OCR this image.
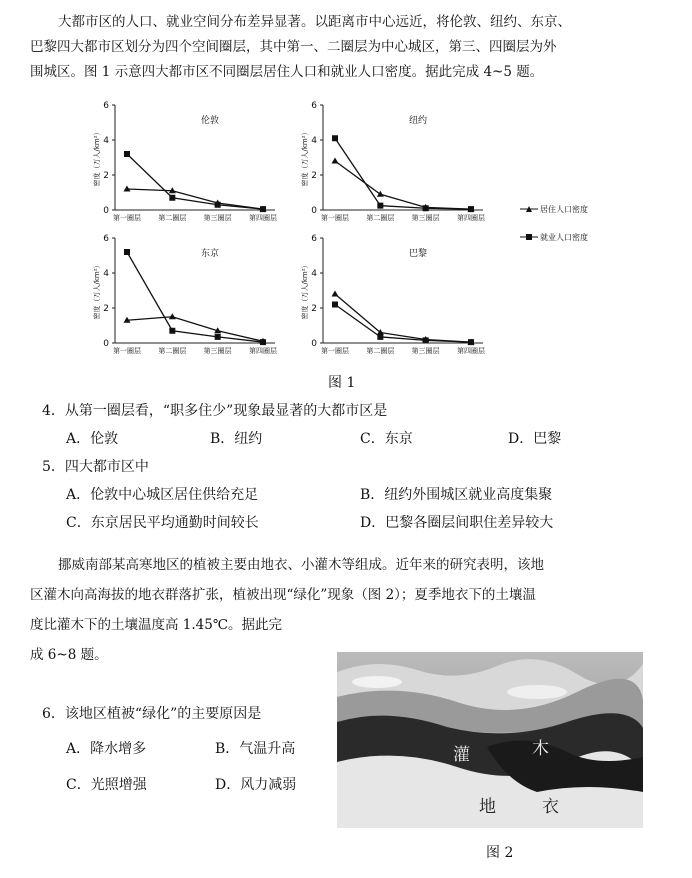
大都市区的人口、就业空间分布差异显著。以距离市中心远近，将伦敦、纽约、东京、
巴黎四大都市区划分为四个空间圈层，其中第一、二圈层为中心城区，第三、四圈层为外
围城区。图 1 示意四大都市区不同圈层居住人口和就业人口密度。据此完成 4~5 题。
0
2
4
6
密度（万人/km²）
伦敦
第一圈层 第二圈层 第三圈层 第四圈层
0
2
4
6
密度（万人/km²）
纽约
第一圈层 第二圈层 第三圈层 第四圈层
0
2
4
6
密度（万人/km²）
东京
第一圈层 第二圈层 第三圈层 第四圈层
0
2
4
6
密度（万人/km²）
巴黎
第一圈层 第二圈层 第三圈层 第四圈层
居住人口密度
就业人口密度
图 1
4．从第一圈层看，“职多住少”现象最显著的大都市区是
A．伦敦	B．纽约	C．东京	D．巴黎
5．四大都市区中
A．伦敦中心城区居住供给充足	B．纽约外围城区就业高度集聚
C．东京居民平均通勤时间较长	D．巴黎各圈层间职住差异较大
挪威南部某高寒地区的植被主要由地衣、小灌木等组成。近年来的研究表明，该地
区灌木向高海拔的地衣群落扩张，植被出现“绿化”现象（图 2）；夏季地衣下的土壤温
度比灌木下的土壤温度高 1.45℃。据此完
成 6~8 题。
6．该地区植被“绿化”的主要原因是
A．降水增多	B．气温升高
C．光照增强	D．风力减弱
灌	木
地	衣
图 2
